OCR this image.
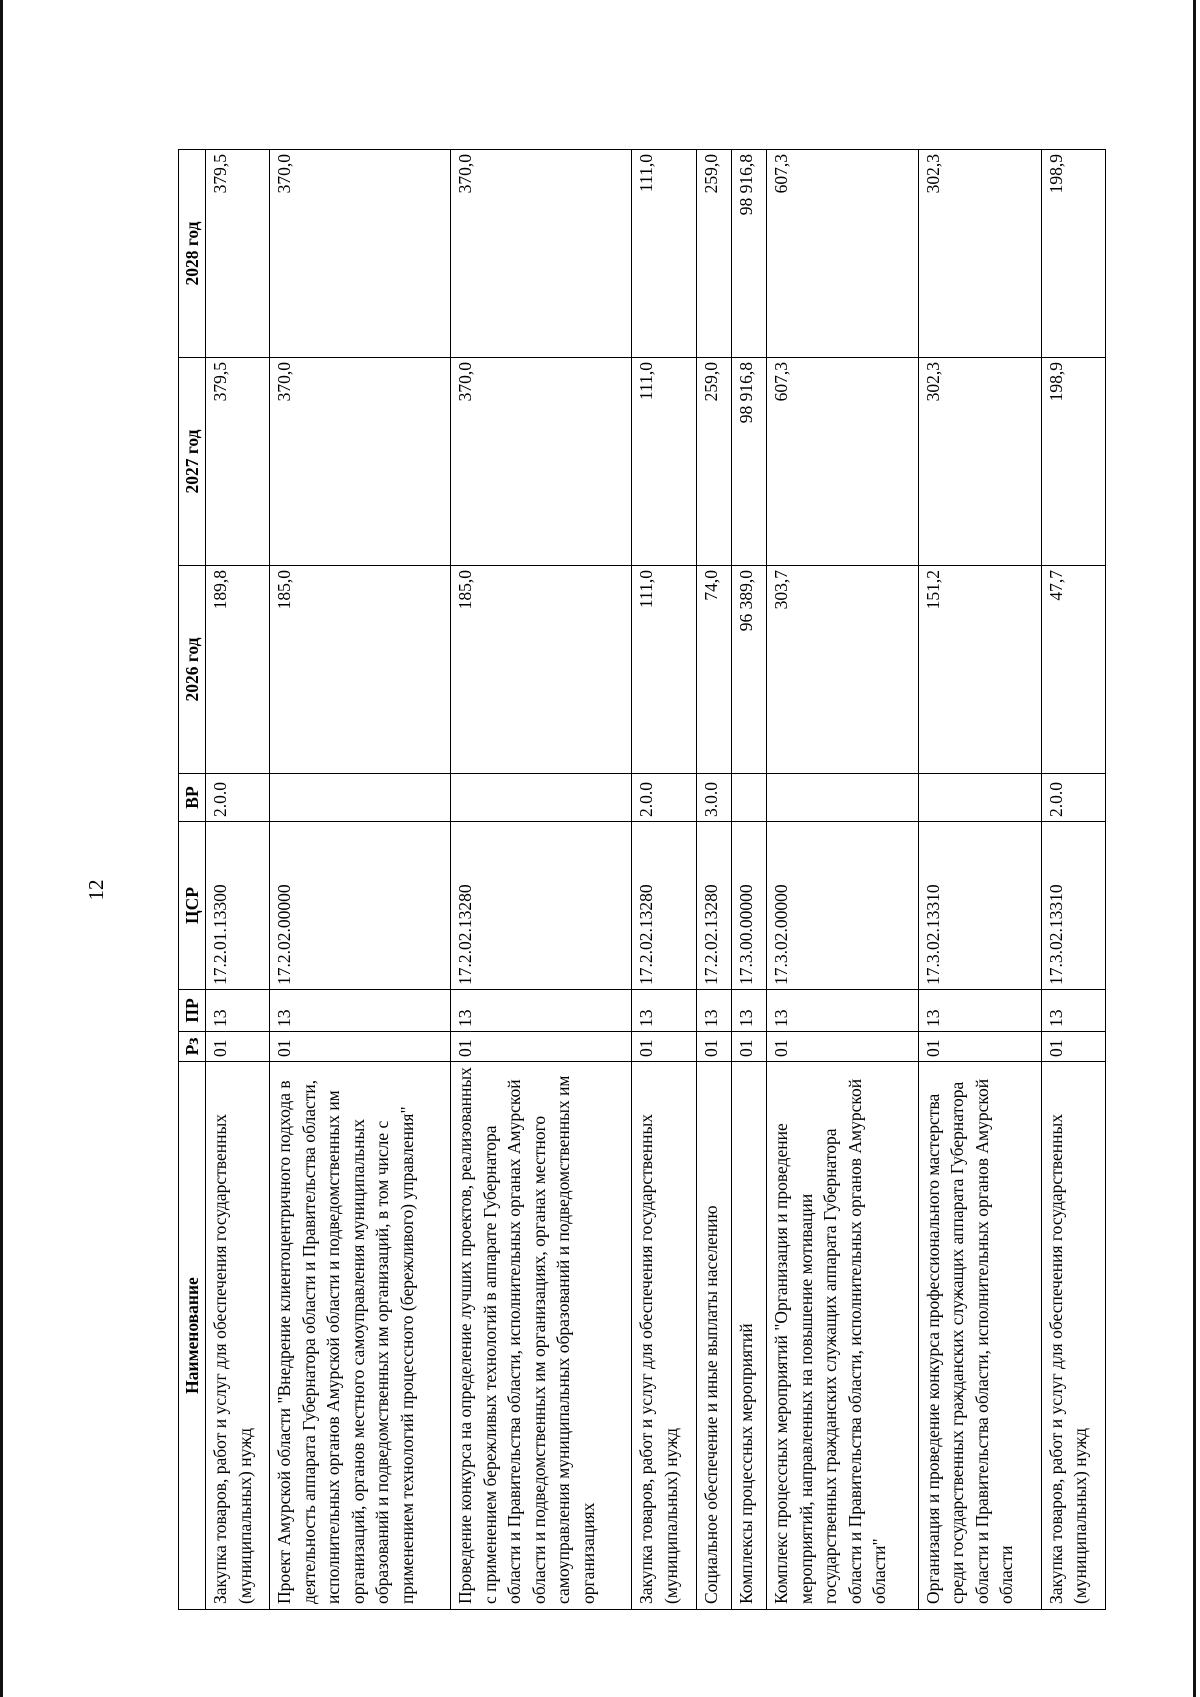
12
Наименование	Рз	ПР	ЦСР	ВР	2026 год	2027 год	2028 год
Закупка товаров, работ и услуг для обеспечения государственных (муниципальных) нужд	01	13	17.2.01.13300	2.0.0	189,8	379,5	379,5
Проект Амурской области "Внедрение клиентоцентричного подхода в деятельность аппарата Губернатора области и Правительства области, исполнительных органов Амурской области и подведомственных им организаций, органов местного самоуправления муниципальных образований и подведомственных им организаций, в том числе с применением технологий процессного (бережливого) управления"	01	13	17.2.02.00000		185,0	370,0	370,0
Проведение конкурса на определение лучших проектов, реализованных с применением бережливых технологий в аппарате Губернатора области и Правительства области, исполнительных органах Амурской области и подведомственных им организациях, органах местного самоуправления муниципальных образований и подведомственных им организациях	01	13	17.2.02.13280		185,0	370,0	370,0
Закупка товаров, работ и услуг для обеспечения государственных (муниципальных) нужд	01	13	17.2.02.13280	2.0.0	111,0	111,0	111,0
Социальное обеспечение и иные выплаты населению	01	13	17.2.02.13280	3.0.0	74,0	259,0	259,0
Комплексы процессных мероприятий	01	13	17.3.00.00000		96 389,0	98 916,8	98 916,8
Комплекс процессных мероприятий "Организация и проведение мероприятий, направленных на повышение мотивации государственных гражданских служащих аппарата Губернатора области и Правительства области, исполнительных органов Амурской области"	01	13	17.3.02.00000		303,7	607,3	607,3
Организация и проведение конкурса профессионального мастерства среди государственных гражданских служащих аппарата Губернатора области и Правительства области, исполнительных органов Амурской области	01	13	17.3.02.13310		151,2	302,3	302,3
Закупка товаров, работ и услуг для обеспечения государственных (муниципальных) нужд	01	13	17.3.02.13310	2.0.0	47,7	198,9	198,9
